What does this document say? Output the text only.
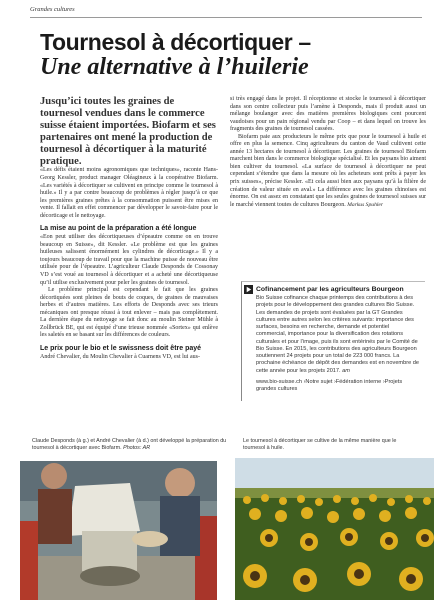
Grandes cultures
Tournesol à décortiquer –
Une alternative à l’huilerie

Jusqu’ici toutes les graines de tournesol vendues dans le commerce suisse étaient importées. Biofarm et ses partenaires ont mené la production de tournesol à décortiquer à la maturité pratique.

«Les défis étaient moins agronomiques que techniques», raconte Hans-Georg Kessler, product manager Oléagineux à la coopérative Biofarm. «Les variétés à décortiquer se cultivent en principe comme le tournesol à huile.» Il y a par contre beaucoup de problèmes à régler jusqu’à ce que les premières graines prêtes à la consommation puissent être mises en vente. Il fallait en effet commencer par développer le savoir-faire pour le décorticage et le nettoyage.

La mise au point de la préparation a été longue

«Eon peut utiliser des décortiqueuses d’épeautre comme on en trouve beaucoup en Suisse», dit Kessler. «Le problème est que les graines huileuses salissent énormément les cylindres de décorticage.» Il y a toujours beaucoup de travail pour que la machine puisse de nouveau être utilisée pour de l’épeautre. L’agriculteur Claude Desponds de Cossonay VD s’est voué au tournesol à décortiquer et a acheté une décortiqueuse qu’il utilise exclusivement pour peler les graines de tournesol.

Le problème principal est cependant le fait que les graines décortiquées sont pleines de bouts de coques, de graines de mauvaises herbes et d’autres matières. Les efforts de Desponds avec ses trieurs mécaniques ont presque réussi à tout enlever – mais pas complètement. La dernière étape du nettoyage se fait donc au moulin Steiner Mühle à Zollbrück BE, qui est équipé d’une trieuse nommée «Sortex» qui enlève les saletés en se basant sur les différences de couleurs.

Le prix pour le bio et le swissness doit être payé

André Chevalier, du Moulin Chevalier à Cuarnens VD, est lui aus-

si très engagé dans le projet. Il réceptionne et stocke le tournesol à décortiquer dans son centre collecteur puis l’amène à Desponds, mais il produit aussi un mélange boulanger avec des matières premières biologiques cent pourcent vaudoises pour un pain régional vendu par Coop – et dans lequel on trouve les fragments des graines de tournesol cassées.

Biofarm paie aux producteurs le même prix que pour le tournesol à huile et offre en plus la semence. Cinq agriculteurs du canton de Vaud cultivent cette année 13 hectares de tournesol à décortiquer. Les graines de tournesol Biofarm marchent bien dans le commerce biologique spécialisé. Et les paysans bio aiment bien cultiver du tournesol. «La surface de tournesol à décortiquer ne peut cependant s’étendre que dans la mesure où les acheteurs sont prêts à payer les prix suisses», précise Kessler. «Et cela aussi bien aux paysans qu’à la filière de création de valeur située en aval.» La différence avec les graines chinoises est énorme. On est assez en constatant que les seules graines de tournesol suisses sur le marché viennent toutes de cultures Bourgeon. Markus Spuhler

Cofinancement par les agriculteurs Bourgeon
Bio Suisse cofinance chaque printemps des contributions à des projets pour le développement des grandes cultures Bio Suisse. Les demandes de projets sont évaluées par la GT Grandes cultures entre autres selon les critères suivants: importance des surfaces, besoins en recherche, demande et potentiel commercial, importance pour la diversification des rotations culturales et pour l’image, puis ils sont entérinés par le Comité de Bio Suisse. En 2015, les contributions des agriculteurs Bourgeon soutiennent 24 projets pour un total de 223 000 francs. La prochaine échéance de dépôt des demandes est en novembre de cette année pour les projets 2017. am
www.bio-suisse.ch ›Notre sujet ›Fédération interne ›Projets grandes cultures
Claude Desponds (à g.) et André Chevalier (à d.) ont développé la préparation du tournesol à décortiquer avec Biofarm. Photos: AR
Le tournesol à décortiquer se cultive de la même manière que le tournesol à huile.
